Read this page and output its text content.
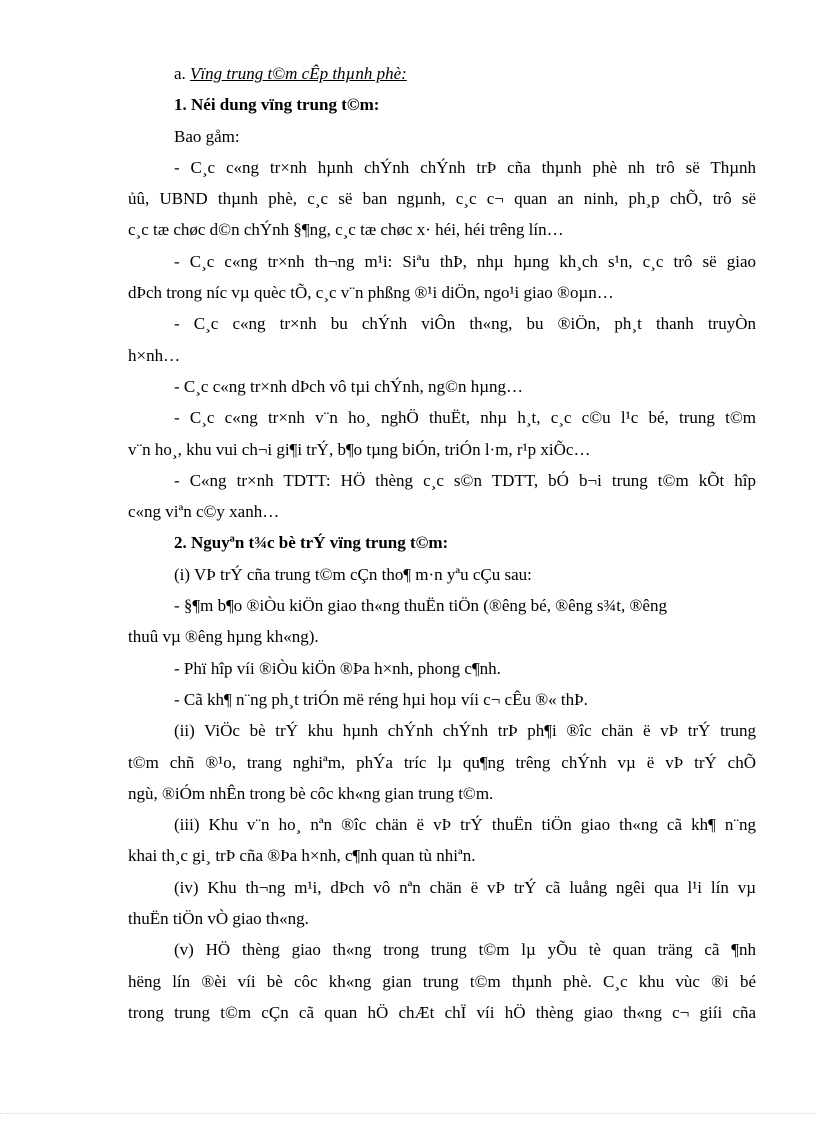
a. Vïng trung t©m cÊp thµnh phè:
1. Néi dung vïng trung t©m:
Bao gåm:
- C¸c c«ng tr×nh hµnh chÝnh chÝnh trÞ cña thµnh phè nh trô së Thµnh
ủû, UBND thµnh phè, c¸c së ban ngµnh, c¸c c¬ quan an ninh, ph¸p chÕ, trô së
c¸c tæ chøc d©n chÝnh §¶ng, c¸c tæ chøc x· héi, héi trêng lín…
- C¸c c«ng tr×nh th¬ng m¹i: Siªu thÞ, nhµ hµng kh¸ch s¹n, c¸c trô së giao
dÞch trong níc vµ quèc tÕ, c¸c v¨n phßng ®¹i diÖn, ngo¹i giao ®oµn…
- C¸c c«ng tr×nh bu chÝnh viÔn th«ng, bu ®iÖn, ph¸t thanh truyÒn
h×nh…
- C¸c c«ng tr×nh dÞch vô tµi chÝnh, ng©n hµng…
- C¸c c«ng tr×nh v¨n ho¸ nghÖ thuËt, nhµ h¸t, c¸c c©u l¹c bé, trung t©m
v¨n ho¸, khu vui ch¬i gi¶i trÝ, b¶o tµng biÓn, triÓn l·m, r¹p xiÕc…
- C«ng tr×nh TDTT: HÖ thèng c¸c s©n TDTT, bÓ b¬i trung t©m kÕt hîp
c«ng viªn c©y xanh…
2. Nguyªn t¾c bè trÝ vïng trung t©m:
(i) VÞ trÝ cña trung t©m cÇn tho¶ m·n yªu cÇu sau:
- §¶m b¶o ®iÒu kiÖn giao th«ng thuËn tiÖn (®êng bé, ®êng s¾t, ®êng
thuû vµ ®êng hµng kh«ng).
- Phï hîp víi ®iÒu kiÖn ®Þa h×nh, phong c¶nh.
- Cã kh¶ n¨ng ph¸t triÓn më réng hµi hoµ víi c¬ cÊu ®« thÞ.
(ii) ViÖc bè trÝ khu hµnh chÝnh chÝnh trÞ ph¶i ®îc chän ë vÞ trÝ trung
t©m chñ ®¹o, trang nghiªm, phÝa tríc lµ qu¶ng trêng chÝnh vµ ë vÞ trÝ chÕ
ngù, ®iÓm nhÊn trong bè côc kh«ng gian trung t©m.
(iii) Khu v¨n ho¸ nªn ®îc chän ë vÞ trÝ thuËn tiÖn giao th«ng cã kh¶ n¨ng
khai th¸c gi¸ trÞ cña ®Þa h×nh, c¶nh quan tù nhiªn.
(iv) Khu th¬ng m¹i, dÞch vô nªn chän ë vÞ trÝ cã luång ngêi qua l¹i lín vµ
thuËn tiÖn vÒ giao th«ng.
(v) HÖ thèng giao th«ng trong trung t©m lµ yÕu tè quan träng cã ¶nh
hëng lín ®èi víi bè côc kh«ng gian trung t©m thµnh phè. C¸c khu vùc ®i bé
trong trung t©m cÇn cã quan hÖ chÆt chÏ víi hÖ thèng giao th«ng c¬ giíi cña
